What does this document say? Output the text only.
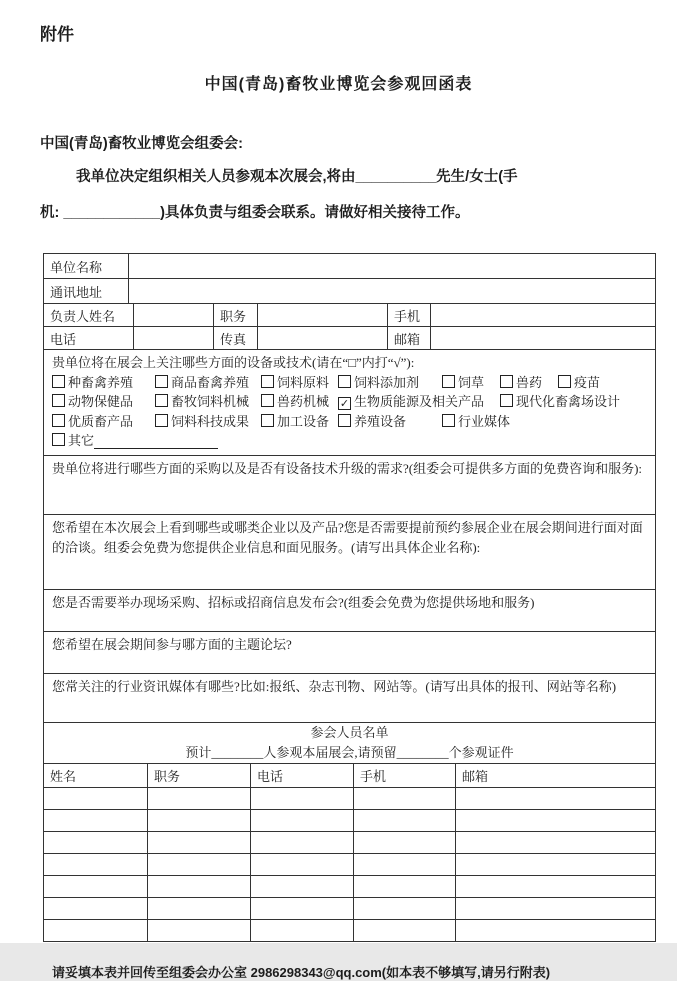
附件
中国(青岛)畜牧业博览会参观回函表
中国(青岛)畜牧业博览会组委会:
我单位决定组织相关人员参观本次展会,将由__________先生/女士(手
机: ____________)具体负责与组委会联系。请做好相关接待工作。
单位名称	
通讯地址	
负责人姓名		职务		手机	
电话		传真		邮箱	
贵单位将在展会上关注哪些方面的设备或技术(请在“□”内打“√”):
种畜禽养殖	商品畜禽养殖 饲料原料 饲料添加剂	饲草 兽药 疫苗
动物保健品	畜牧饲料机械 兽药机械 ✓ 生物质能源及相关产品 现代化畜禽场设计
优质畜产品	饲料科技成果 加工设备 养殖设备	行业媒体
其它

贵单位将进行哪些方面的采购以及是否有设备技术升级的需求?(组委会可提供多方面的免费咨询和服务):
您希望在本次展会上看到哪些或哪类企业以及产品?您是否需要提前预约参展企业在展会期间进行面对面的洽谈。组委会免费为您提供企业信息和面见服务。(请写出具体企业名称):
您是否需要举办现场采购、招标或招商信息发布会?(组委会免费为您提供场地和服务)
您希望在展会期间参与哪方面的主题论坛?
您常关注的行业资讯媒体有哪些?比如:报纸、杂志刊物、网站等。(请写出具体的报刊、网站等名称)
参会人员名单
预计________人参观本届展会,请预留________个参观证件				

姓名	职务	电话	手机	邮箱

请妥填本表并回传至组委会办公室 2986298343@qq.com(如本表不够填写,请另行附表)
